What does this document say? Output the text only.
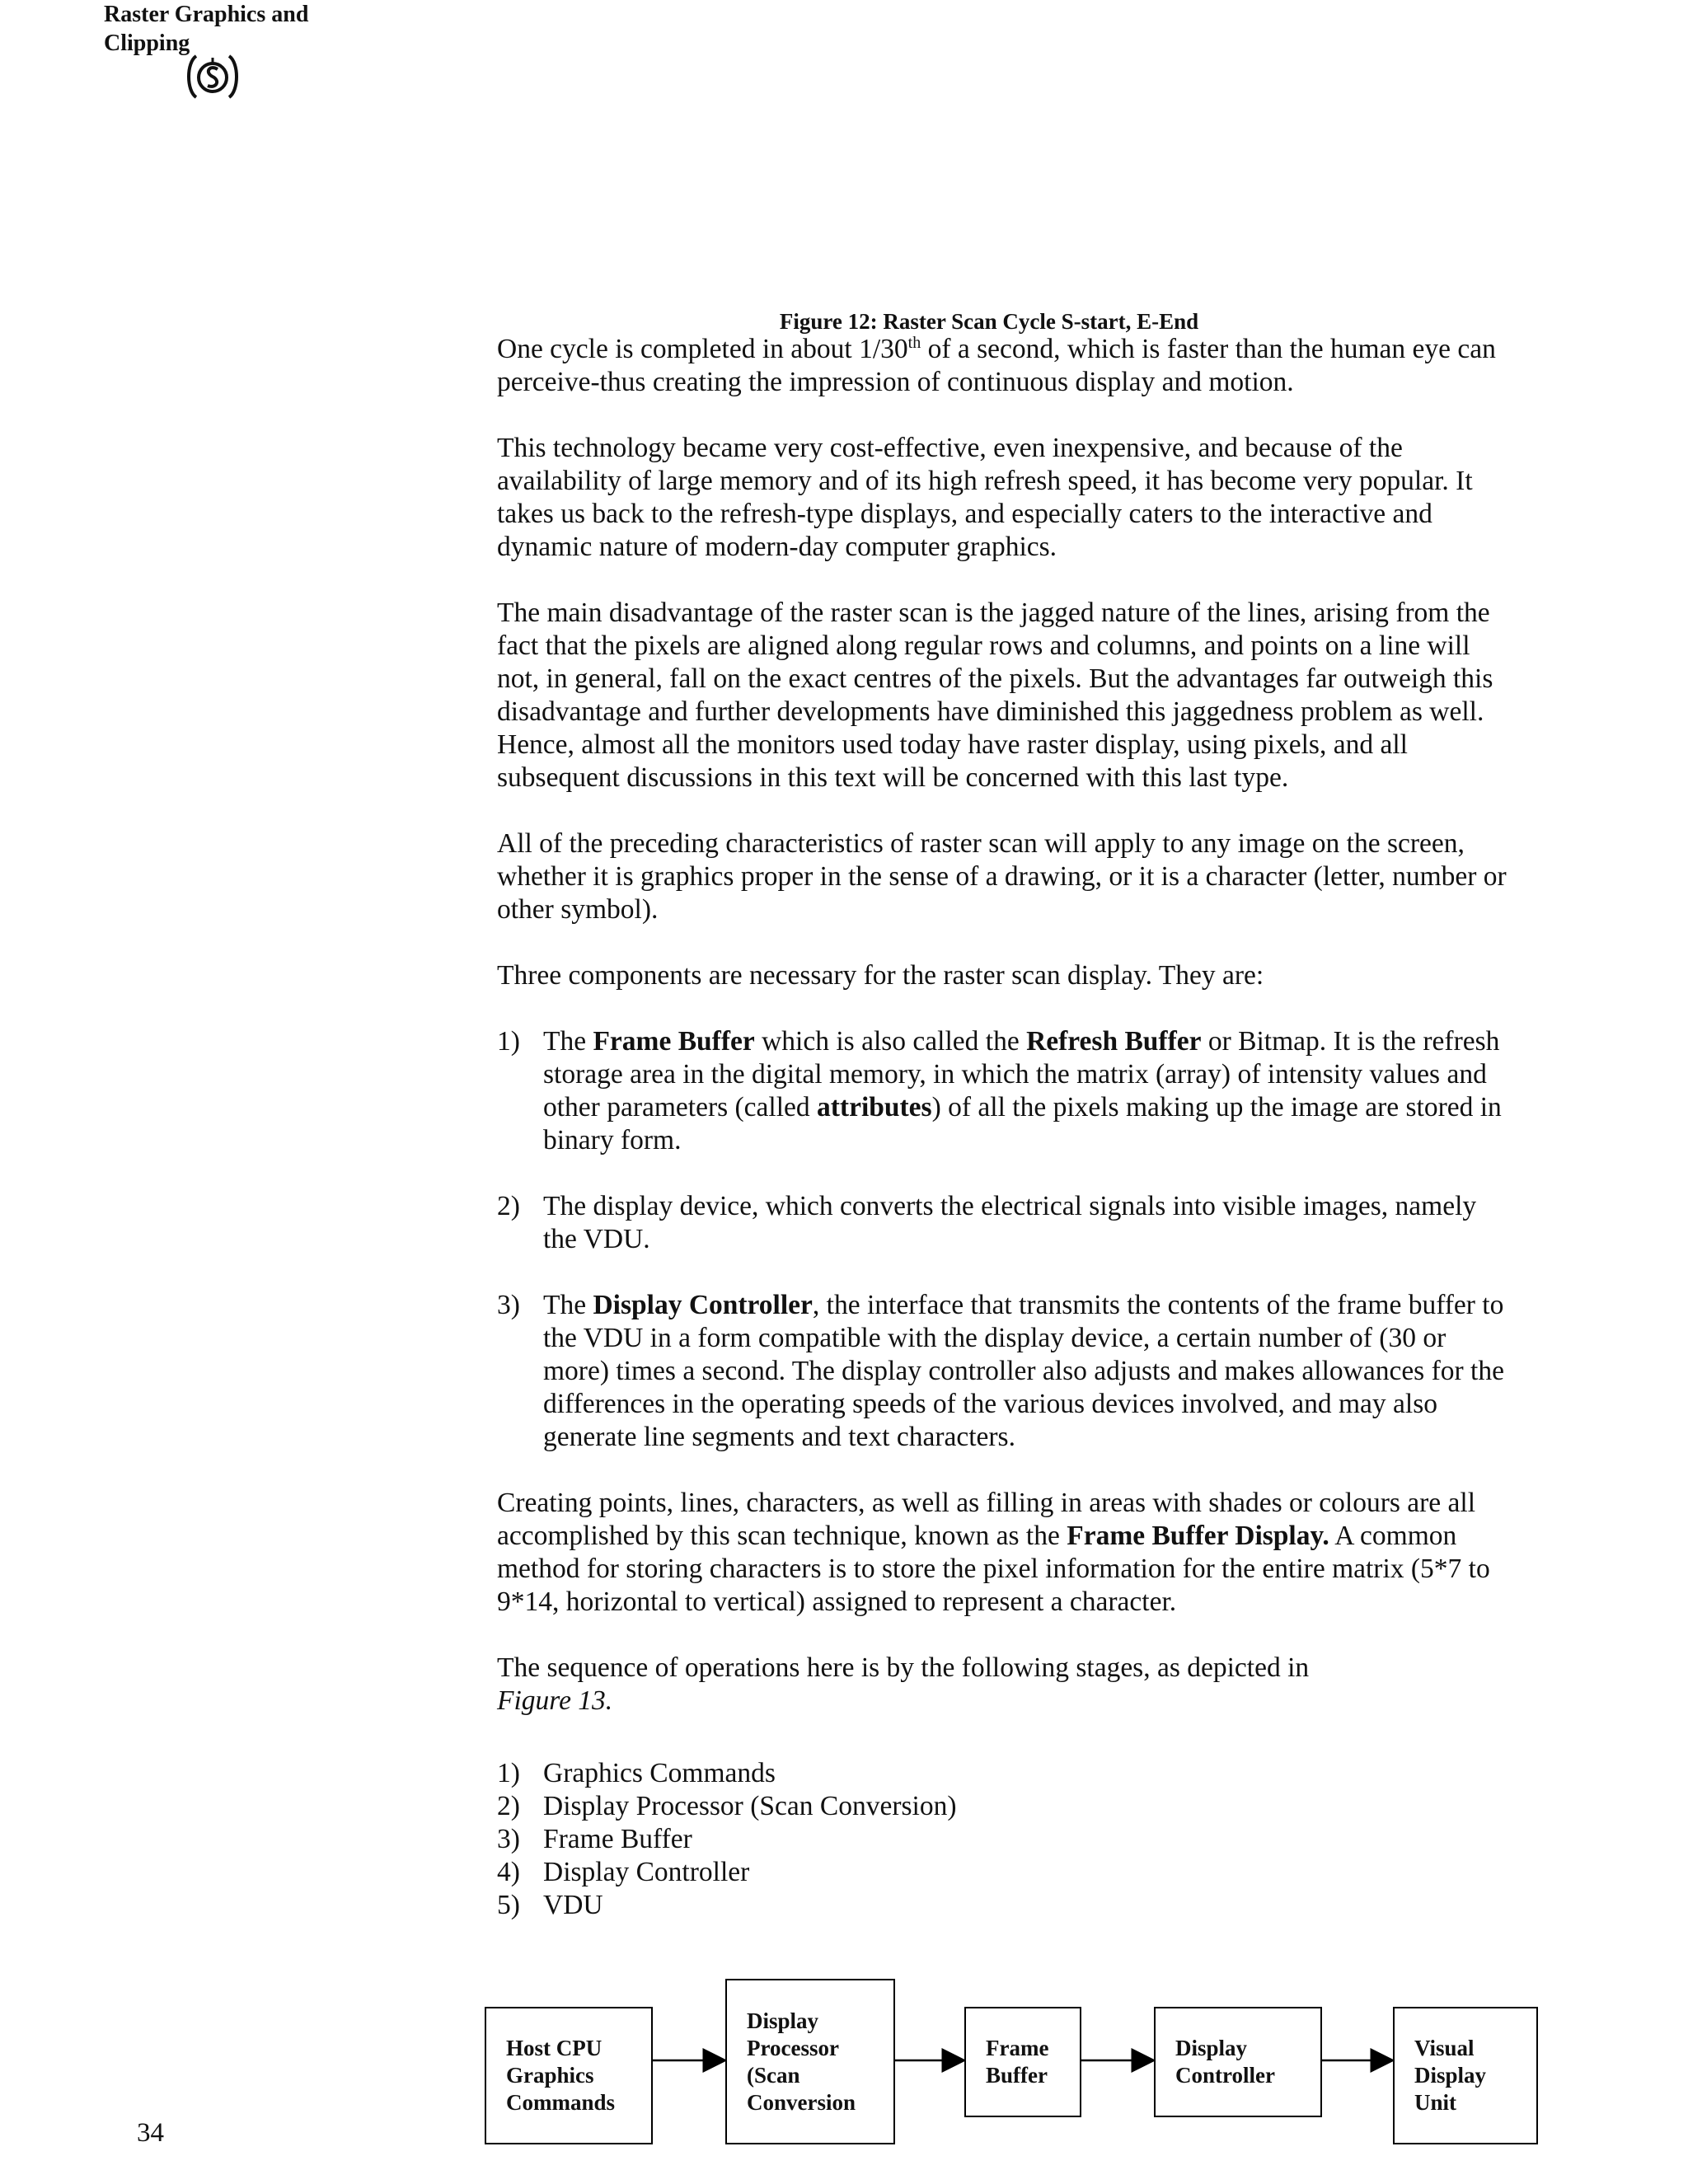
Raster Graphics and
Clipping
Figure 12: Raster Scan Cycle S-start, E-End

One cycle is completed in about 1/30th of a second, which is faster than the human eye can perceive-thus creating the impression of continuous display and motion.

This technology became very cost-effective, even inexpensive, and because of the availability of large memory and of its high refresh speed, it has become very popular. It takes us back to the refresh-type displays, and especially caters to the interactive and dynamic nature of modern-day computer graphics.

The main disadvantage of the raster scan is the jagged nature of the lines, arising from the fact that the pixels are aligned along regular rows and columns, and points on a line will not, in general, fall on the exact centres of the pixels. But the advantages far outweigh this disadvantage and further developments have diminished this jaggedness problem as well. Hence, almost all the monitors used today have raster display, using pixels, and all subsequent discussions in this text will be concerned with this last type.

All of the preceding characteristics of raster scan will apply to any image on the screen, whether it is graphics proper in the sense of a drawing, or it is a character (letter, number or other symbol).

Three components are necessary for the raster scan display. They are:

1) The Frame Buffer which is also called the Refresh Buffer or Bitmap. It is the refresh storage area in the digital memory, in which the matrix (array) of intensity values and other parameters (called attributes) of all the pixels making up the image are stored in binary form.
2) The display device, which converts the electrical signals into visible images, namely the VDU.
3) The Display Controller, the interface that transmits the contents of the frame buffer to the VDU in a form compatible with the display device, a certain number of (30 or more) times a second. The display controller also adjusts and makes allowances for the differences in the operating speeds of the various devices involved, and may also generate line segments and text characters.

Creating points, lines, characters, as well as filling in areas with shades or colours are all accomplished by this scan technique, known as the Frame Buffer Display. A common method for storing characters is to store the pixel information for the entire matrix (5*7 to 9*14, horizontal to vertical) assigned to represent a character.

The sequence of operations here is by the following stages, as depicted in
Figure 13.

1) Graphics Commands
2) Display Processor (Scan Conversion)
3) Frame Buffer
4) Display Controller
5) VDU
Host CPU
Graphics
Commands
Display
Processor
(Scan
Conversion
Frame
Buffer
Display
Controller
Visual
Display
Unit
34
